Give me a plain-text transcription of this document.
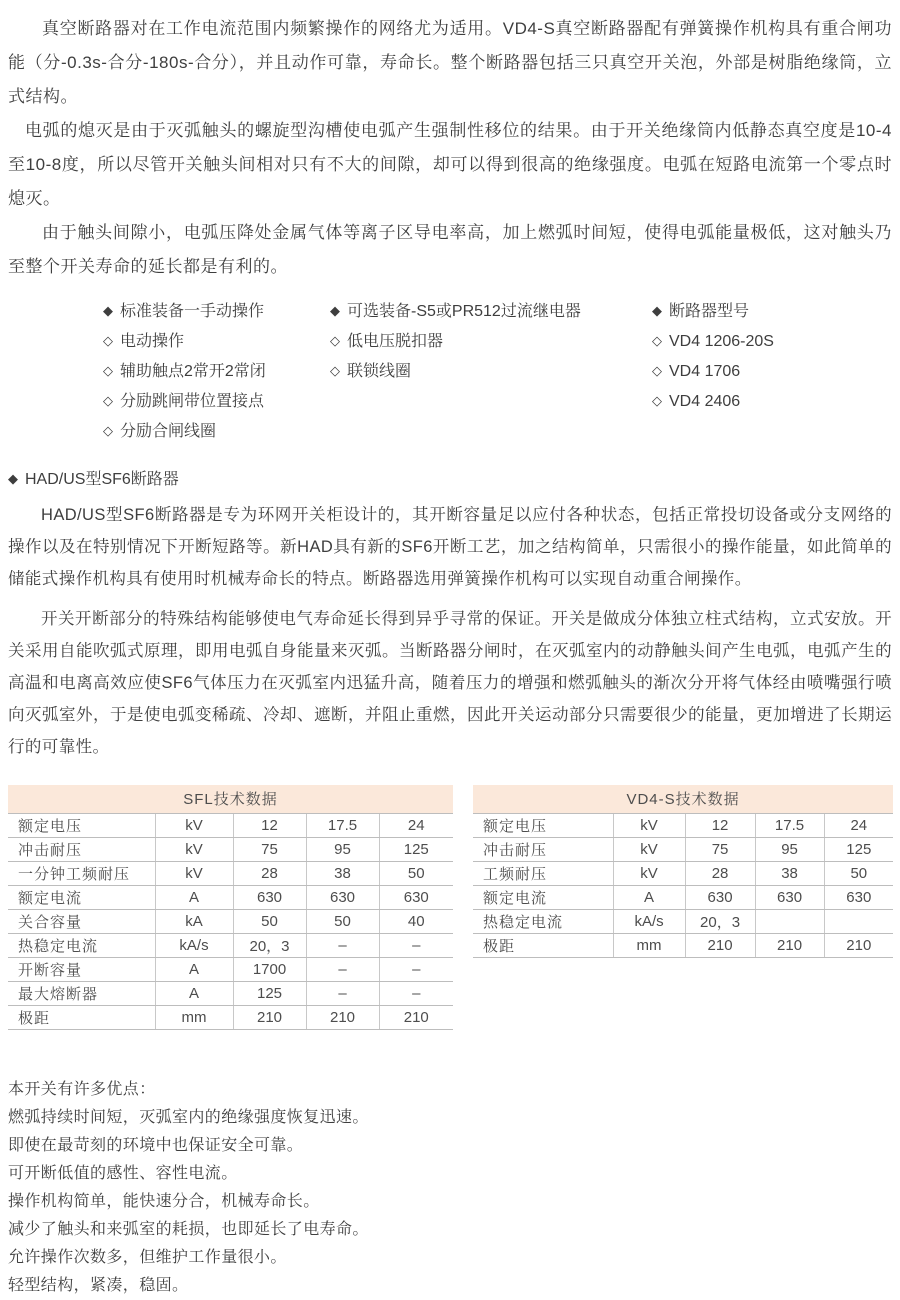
真空断路器对在工作电流范围内频繁操作的网络尤为适用。VD4-S真空断路器配有弹簧操作机构具有重合闸功能（分-0.3s-合分-180s-合分），并且动作可靠，寿命长。整个断路器包括三只真空开关泡，外部是树脂绝缘筒，立式结构。

电弧的熄灭是由于灭弧触头的螺旋型沟槽使电弧产生强制性移位的结果。由于开关绝缘筒内低静态真空度是10-4至10-8度，所以尽管开关触头间相对只有不大的间隙，却可以得到很高的绝缘强度。电弧在短路电流第一个零点时熄灭。

由于触头间隙小，电弧压降处金属气体等离子区导电率高，加上燃弧时间短，使得电弧能量极低，这对触头乃至整个开关寿命的延长都是有利的。

◆ 标准装备一手动操作
◇ 电动操作
◇ 辅助触点2常开2常闭
◇ 分励跳闸带位置接点
◇ 分励合闸线圈
◆ 可选装备-S5或PR512过流继电器
◇ 低电压脱扣器
◇ 联锁线圈
◆ 断路器型号
◇ VD4 1206-20S
◇ VD4 1706
◇ VD4 2406
◆ HAD/US型SF6断路器

HAD/US型SF6断路器是专为环网开关柜设计的，其开断容量足以应付各种状态，包括正常投切设备或分支网络的操作以及在特别情况下开断短路等。新HAD具有新的SF6开断工艺，加之结构简单，只需很小的操作能量，如此简单的储能式操作机构具有使用时机械寿命长的特点。断路器选用弹簧操作机构可以实现自动重合闸操作。

开关开断部分的特殊结构能够使电气寿命延长得到异乎寻常的保证。开关是做成分体独立柱式结构，立式安放。开关采用自能吹弧式原理，即用电弧自身能量来灭弧。当断路器分闸时，在灭弧室内的动静触头间产生电弧，电弧产生的高温和电离高效应使SF6气体压力在灭弧室内迅猛升高，随着压力的增强和燃弧触头的渐次分开将气体经由喷嘴强行喷向灭弧室外，于是使电弧变稀疏、冷却、遮断，并阻止重燃，因此开关运动部分只需要很少的能量，更加增进了长期运行的可靠性。

SFL技术数据				
额定电压	kV	12	17.5	24
冲击耐压	kV	75	95	125
一分钟工频耐压	kV	28	38	50
额定电流	A	630	630	630
关合容量	kA	50	50	40
热稳定电流	kA/s	20，3	–	–
开断容量	A	1700	–	–
最大熔断器	A	125	–	–
极距	mm	210	210	210
VD4-S技术数据				
额定电压	kV	12	17.5	24
冲击耐压	kV	75	95	125
工频耐压	kV	28	38	50
额定电流	A	630	630	630
热稳定电流	kA/s	20，3		
极距	mm	210	210	210
本开关有许多优点：
燃弧持续时间短，灭弧室内的绝缘强度恢复迅速。
即使在最苛刻的环境中也保证安全可靠。
可开断低值的感性、容性电流。
操作机构简单，能快速分合，机械寿命长。
减少了触头和来弧室的耗损，也即延长了电寿命。
允许操作次数多，但维护工作量很小。
轻型结构，紧凑，稳固。
